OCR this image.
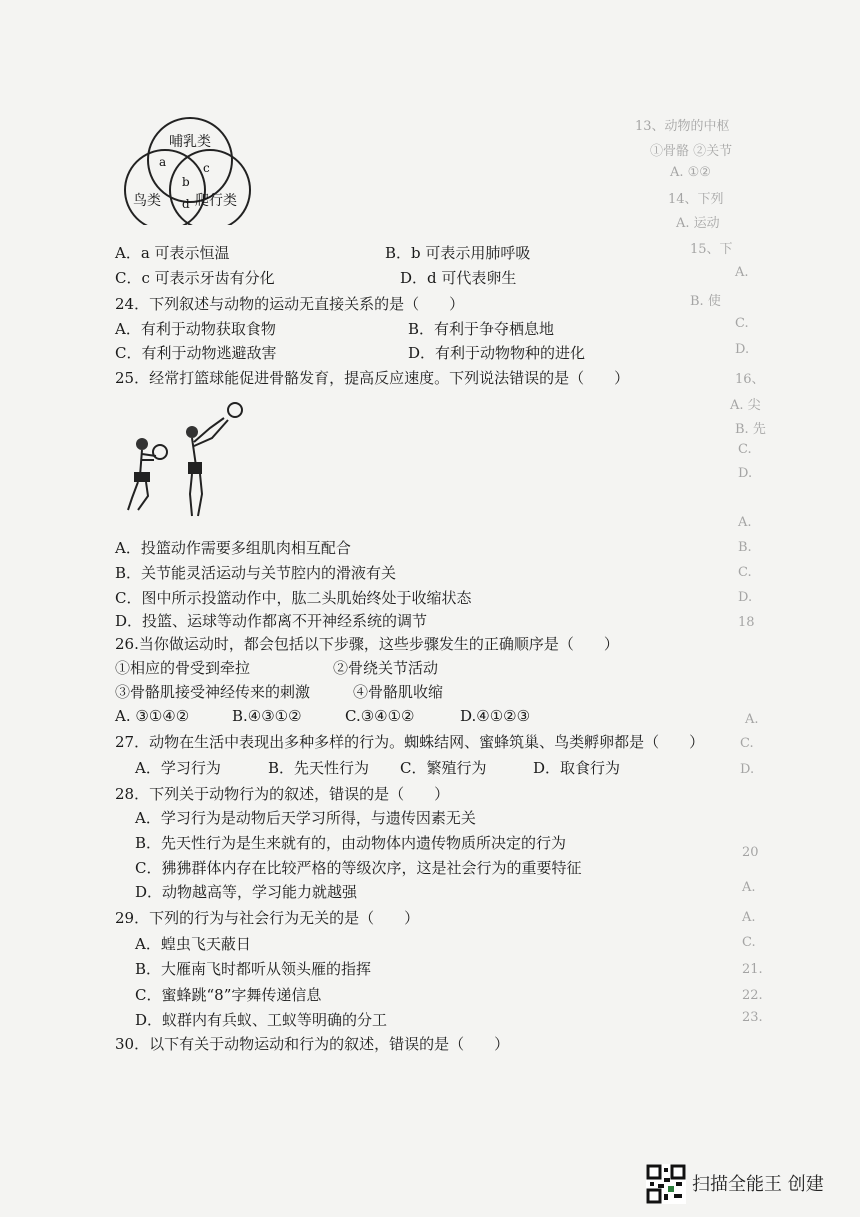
哺乳类
鸟类 爬行类
a
b
c
d
A．a 可表示恒温	B．b 可表示用肺呼吸
C．c 可表示牙齿有分化	D．d 可代表卵生
24．下列叙述与动物的运动无直接关系的是（　　）
A．有利于动物获取食物	B．有利于争夺栖息地
C．有利于动物逃避敌害	D．有利于动物物种的进化
25．经常打篮球能促进骨骼发育，提高反应速度。下列说法错误的是（　　）
A．投篮动作需要多组肌肉相互配合
B．关节能灵活运动与关节腔内的滑液有关
C．图中所示投篮动作中，肱二头肌始终处于收缩状态
D．投篮、运球等动作都离不开神经系统的调节
26.当你做运动时，都会包括以下步骤，这些步骤发生的正确顺序是（　　）
①相应的骨受到牵拉	②骨绕关节活动
③骨骼肌接受神经传来的刺激	④骨骼肌收缩
A. ③①④②	B.④③①②	C.③④①②	D.④①②③
27．动物在生活中表现出多种多样的行为。蜘蛛结网、蜜蜂筑巢、鸟类孵卵都是（　　）
A．学习行为	B．先天性行为 C．繁殖行为	D．取食行为
28．下列关于动物行为的叙述，错误的是（　　）
A．学习行为是动物后天学习所得，与遗传因素无关
B．先天性行为是生来就有的，由动物体内遗传物质所决定的行为
C．狒狒群体内存在比较严格的等级次序，这是社会行为的重要特征
D．动物越高等，学习能力就越强
29．下列的行为与社会行为无关的是（　　）
A．蝗虫飞天蔽日
B．大雁南飞时都听从领头雁的指挥
C．蜜蜂跳“8”字舞传递信息
D．蚁群内有兵蚁、工蚁等明确的分工
30．以下有关于动物运动和行为的叙述，错误的是（　　）
13、动物的中枢
①骨骼 ②关节
A. ①②
14、下列
A. 运动
15、下
A.
B. 使
C.
D.
16、
A. 尖
B. 先
C.
D.
A.
B.
C.
D.
18
A.
C.
D.
20
A.
A.
C.
21.
22.
23.
扫描全能王 创建
